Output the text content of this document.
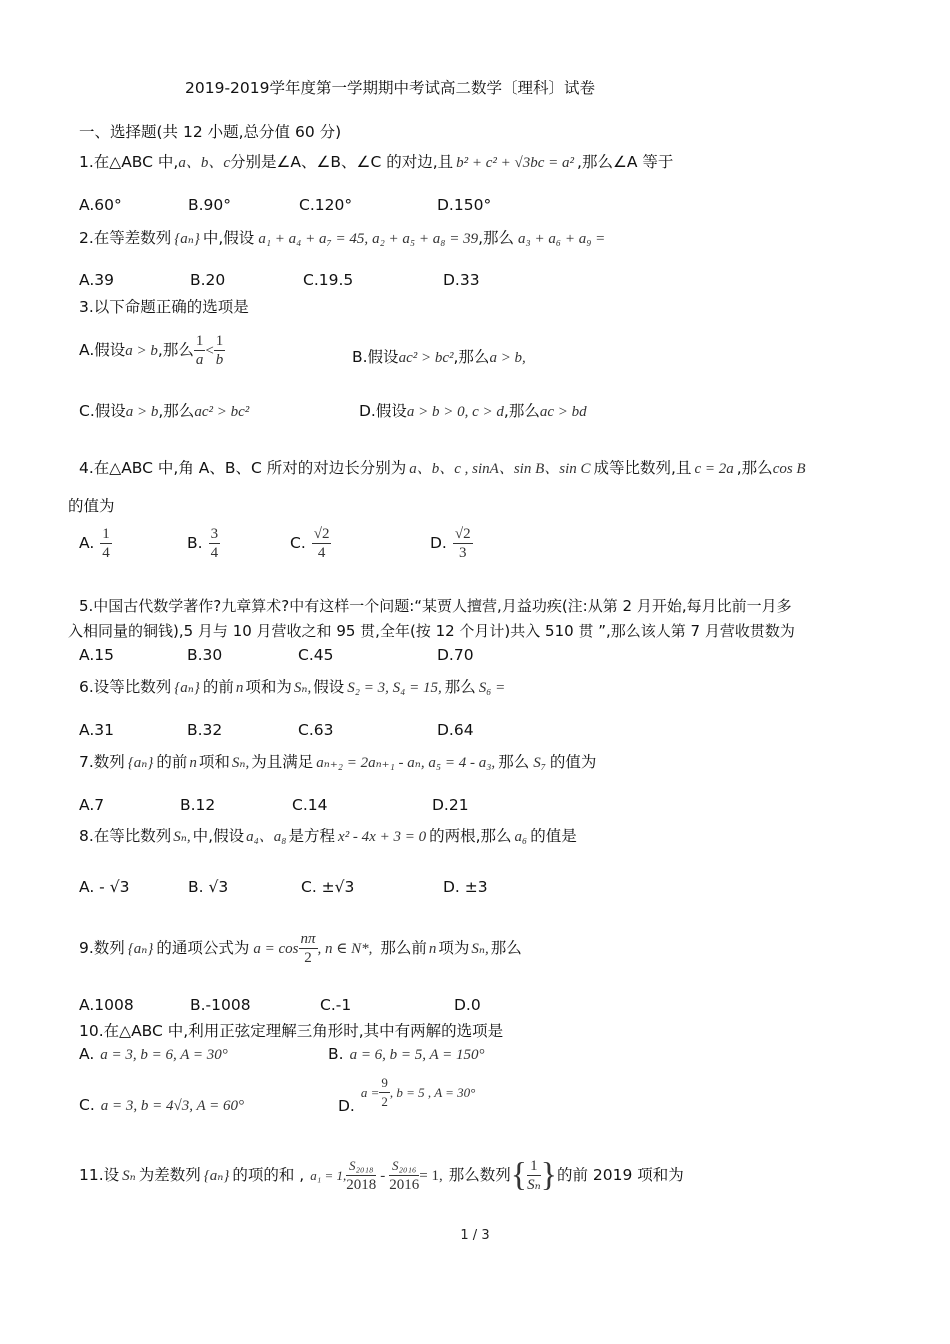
2019-2019学年度第一学期期中考试高二数学〔理科〕试卷
一、选择题(共 12 小题,总分值 60 分)
1.在△ABC 中,a、b、c分别是∠A、∠B、∠C 的对边,且 b² + c² + √3bc = a² ,那么∠A 等于
A.60°	B.90°	C.120°	D.150°
2.在等差数列 {aₙ} 中,假设 a₁ + a₄ + a₇ = 45, a₂ + a₅ + a₈ = 39,那么 a₃ + a₆ + a₉ =
A.39	B.20	C.19.5	D.33
3.以下命题正确的选项是
A.假设a > b,那么 $\frac{1}{a} < \frac{1}{b}$	B.假设ac² > bc²,那么a > b,
C.假设a > b,那么ac² > bc²	D.假设a > b > 0, c > d,那么ac > bd
4.在△ABC 中,角 A、B、C 所对的对边长分别为 a、b、c , sinA、sin B、sin C 成等比数列,且 c = 2a ,那么cos B
的值为
A. $\frac{1}{4}$	B. $\frac{3}{4}$	C. $\frac{√2}{4}$	D. $\frac{√2}{3}$
5.中国古代数学著作?九章算术?中有这样一个问题:“某贾人擅营,月益功疾(注:从第 2 月开始,每月比前一月多
入相同量的铜钱),5 月与 10 月营收之和 95 贯,全年(按 12 个月计)共入 510 贯 ”,那么该人第 7 月营收贯数为
A.15	B.30	C.45	D.70
6.设等比数列 {aₙ} 的前 n 项和为 Sₙ, 假设 S₂ = 3, S₄ = 15, 那么 S₆ =
A.31	B.32	C.63	D.64
7.数列 {aₙ} 的前 n 项和 Sₙ, 为且满足 aₙ₊₂ = 2aₙ₊₁ - aₙ, a₅ = 4 - a₃, 那么 S₇ 的值为
A.7	B.12	C.14	D.21
8.在等比数列 Sₙ, 中,假设 a₄、a₈ 是方程 x² - 4x + 3 = 0 的两根,那么 a₆ 的值是
A. - √3	B. √3	C. ±√3	D. ±3
9.数列 {aₙ} 的通项公式为 $a = \cos \frac{n\pi}{2}$ , n ∈ N*, 那么前 n 项为 Sₙ, 那么
A.1008	B.-1008	C.-1	D.0
10.在△ABC 中,利用正弦定理解三角形时,其中有两解的选项是
A. a = 3, b = 6, A = 30°	B. a = 6, b = 5, A = 150°
C. a = 3, b = 4√3, A = 60°	$D.a = \frac{9}{2}$ , b = 5 , A = 30°
11.设 Sₙ 为差数列 {aₙ} 的项的和 , a₁ = 1, $\frac{\text{S₂₀₁₈}}{2018} - \frac{\text{S₂₀₁₆}}{2016} = 1$, 那么数列{ $\frac{1}{\text{Sₙ}}$ }的前 2019 项和为
1 / 3
